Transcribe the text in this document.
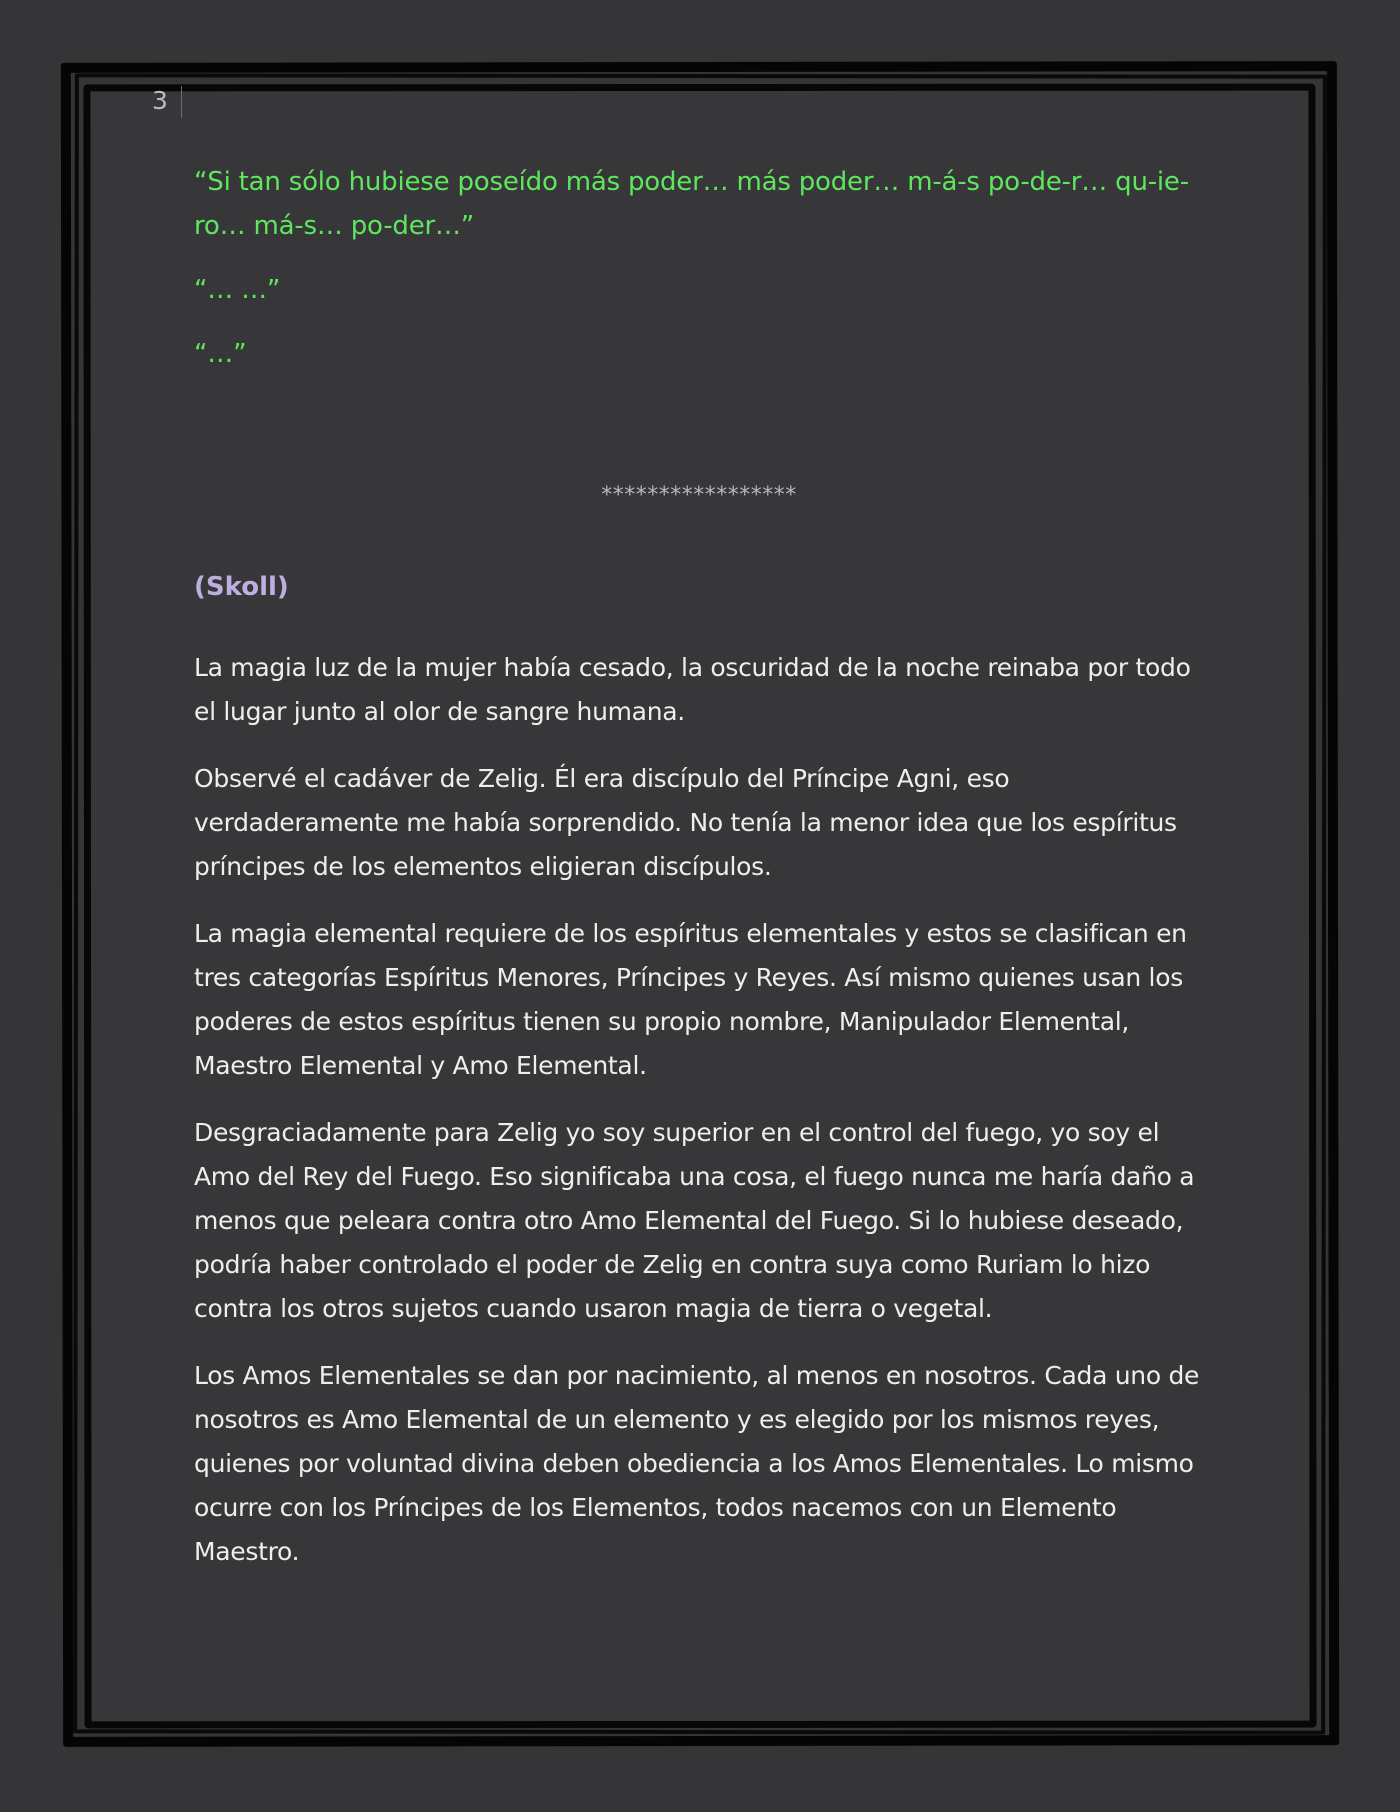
3

“Si tan sólo hubiese poseído más poder… más poder… m-á-s po-de-r… qu-ie-ro… má-s… po-der…”

“… …”

“…”

*****************
(Skoll)

La magia luz de la mujer había cesado, la oscuridad de la noche reinaba por todo el lugar junto al olor de sangre humana.

Observé el cadáver de Zelig. Él era discípulo del Príncipe Agni, eso verdaderamente me había sorprendido. No tenía la menor idea que los espíritus príncipes de los elementos eligieran discípulos.

La magia elemental requiere de los espíritus elementales y estos se clasifican en tres categorías Espíritus Menores, Príncipes y Reyes. Así mismo quienes usan los poderes de estos espíritus tienen su propio nombre, Manipulador Elemental, Maestro Elemental y Amo Elemental.

Desgraciadamente para Zelig yo soy superior en el control del fuego, yo soy el Amo del Rey del Fuego. Eso significaba una cosa, el fuego nunca me haría daño a menos que peleara contra otro Amo Elemental del Fuego. Si lo hubiese deseado, podría haber controlado el poder de Zelig en contra suya como Ruriam lo hizo contra los otros sujetos cuando usaron magia de tierra o vegetal.

Los Amos Elementales se dan por nacimiento, al menos en nosotros. Cada uno de nosotros es Amo Elemental de un elemento y es elegido por los mismos reyes, quienes por voluntad divina deben obediencia a los Amos Elementales. Lo mismo ocurre con los Príncipes de los Elementos, todos nacemos con un Elemento Maestro.
